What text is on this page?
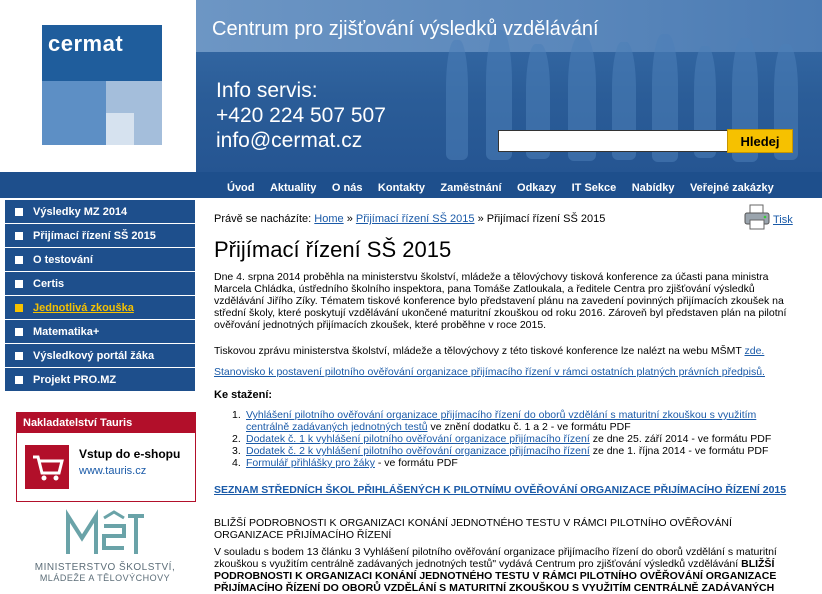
cermat
Centrum pro zjišťování výsledků vzdělávání
Info servis:
+420 224 507 507
info@cermat.cz	Hledej
Úvod Aktuality O nás Kontakty Zaměstnání Odkazy IT Sekce Nabídky Veřejné zakázky
Výsledky MZ 2014
Přijímací řízení SŠ 2015
O testování
Certis
Jednotlivá zkouška
Matematika+
Výsledkový portál žáka
Projekt PRO.MZ
Nakladatelství Tauris
Vstup do e-shopu
www.tauris.cz
MINISTERSTVO ŠKOLSTVÍ,
MLÁDEŽE A TĚLOVÝCHOVY
Právě se nacházíte: Home » Přijímací řízení SŠ 2015 » Přijímací řízení SŠ 2015	Tisk
Přijímací řízení SŠ 2015
Dne 4. srpna 2014 proběhla na ministerstvu školství, mládeže a tělovýchovy tisková konference za účasti pana ministra Marcela Chládka, ústředního školního inspektora, pana Tomáše Zatloukala, a ředitele Centra pro zjišťování výsledků vzdělávání Jiřího Zíky. Tématem tiskové konference bylo představení plánu na zavedení povinných přijímacích zkoušek na střední školy, které poskytují vzdělávání ukončené maturitní zkouškou od roku 2016. Zároveň byl představen plán na pilotní ověřování jednotných přijímacích zkoušek, které proběhne v roce 2015.
Tiskovou zprávu ministerstva školství, mládeže a tělovýchovy z této tiskové konference lze nalézt na webu MŠMT zde.
Stanovisko k postavení pilotního ověřování organizace přijímacího řízení v rámci ostatních platných právních předpisů.
Ke stažení:
1. Vyhlášení pilotního ověřování organizace přijímacího řízení do oborů vzdělání s maturitní zkouškou s využitím centrálně zadávaných jednotných testů ve znění dodatku č. 1 a 2 - ve formátu PDF
2. Dodatek č. 1 k vyhlášení pilotního ověřování organizace přijímacího řízení ze dne 25. září 2014 - ve formátu PDF
3. Dodatek č. 2 k vyhlášení pilotního ověřování organizace přijímacího řízení ze dne 1. října 2014 - ve formátu PDF
4. Formulář přihlášky pro žáky - ve formátu PDF
SEZNAM STŘEDNÍCH ŠKOL PŘIHLÁŠENÝCH K PILOTNÍMU OVĚŘOVÁNÍ ORGANIZACE PŘIJÍMACÍHO ŘÍZENÍ 2015
BLIŽŠÍ PODROBNOSTI K ORGANIZACI KONÁNÍ JEDNOTNÉHO TESTU V RÁMCI PILOTNÍHO OVĚŘOVÁNÍ ORGANIZACE PŘIJÍMACÍHO ŘÍZENÍ
V souladu s bodem 13 článku 3 Vyhlášení pilotního ověřování organizace přijímacího řízení do oborů vzdělání s maturitní zkouškou s využitím centrálně zadávaných jednotných testů" vydává Centrum pro zjišťování výsledků vzdělávání BLIŽŠÍ PODROBNOSTI K ORGANIZACI KONÁNÍ JEDNOTNÉHO TESTU V RÁMCI PILOTNÍHO OVĚŘOVÁNÍ ORGANIZACE PŘIJÍMACÍHO ŘÍZENÍ DO OBORŮ VZDĚLÁNÍ S MATURITNÍ ZKOUŠKOU S VYUŽITÍM CENTRÁLNĚ ZADÁVANÝCH
